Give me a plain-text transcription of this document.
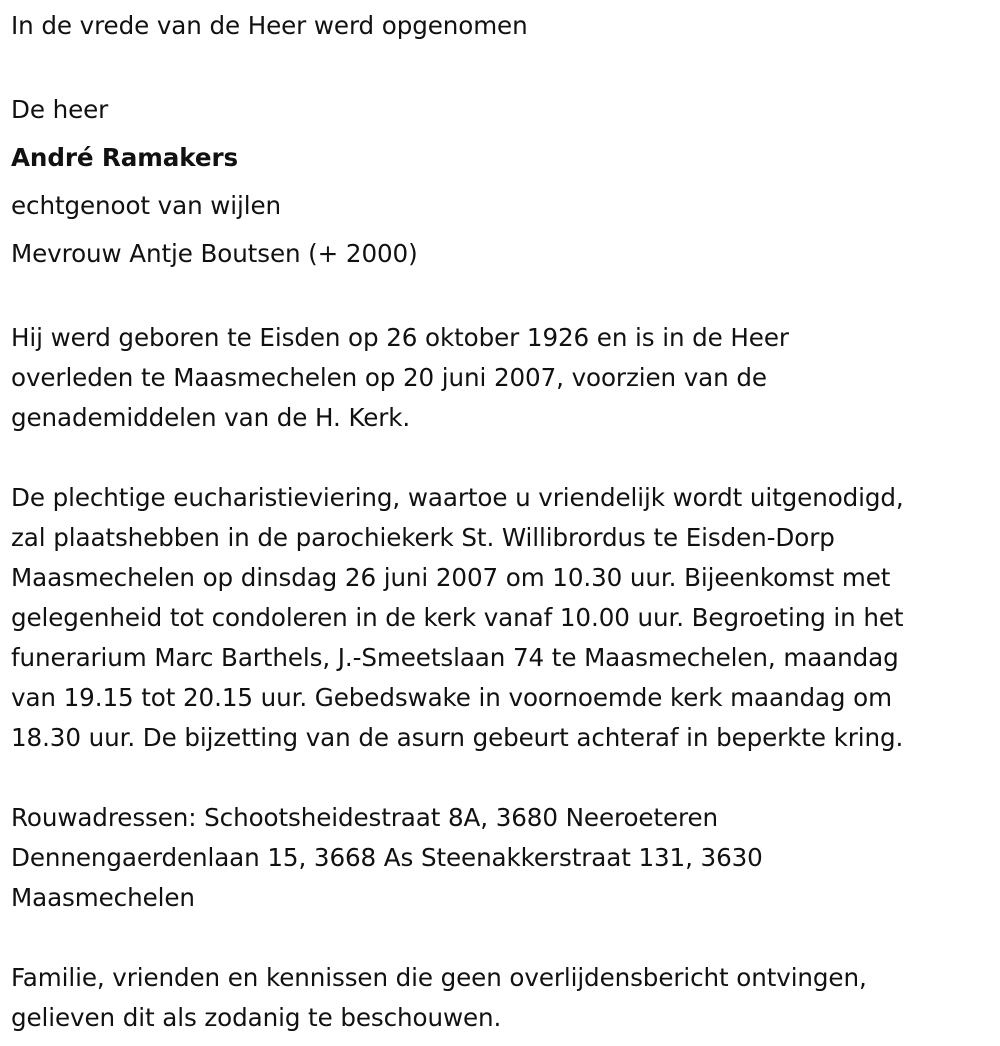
In de vrede van de Heer werd opgenomen
De heer
André Ramakers
echtgenoot van wijlen
Mevrouw Antje Boutsen (+ 2000)
Hij werd geboren te Eisden op 26 oktober 1926 en is in de Heer
overleden te Maasmechelen op 20 juni 2007, voorzien van de
genademiddelen van de H. Kerk.
De plechtige eucharistieviering, waartoe u vriendelijk wordt uitgenodigd,
zal plaatshebben in de parochiekerk St. Willibrordus te Eisden-Dorp
Maasmechelen op dinsdag 26 juni 2007 om 10.30 uur. Bijeenkomst met
gelegenheid tot condoleren in de kerk vanaf 10.00 uur. Begroeting in het
funerarium Marc Barthels, J.-Smeetslaan 74 te Maasmechelen, maandag
van 19.15 tot 20.15 uur. Gebedswake in voornoemde kerk maandag om
18.30 uur. De bijzetting van de asurn gebeurt achteraf in beperkte kring.
Rouwadressen: Schootsheidestraat 8A, 3680 Neeroeteren
Dennengaerdenlaan 15, 3668 As Steenakkerstraat 131, 3630
Maasmechelen
Familie, vrienden en kennissen die geen overlijdensbericht ontvingen,
gelieven dit als zodanig te beschouwen.
